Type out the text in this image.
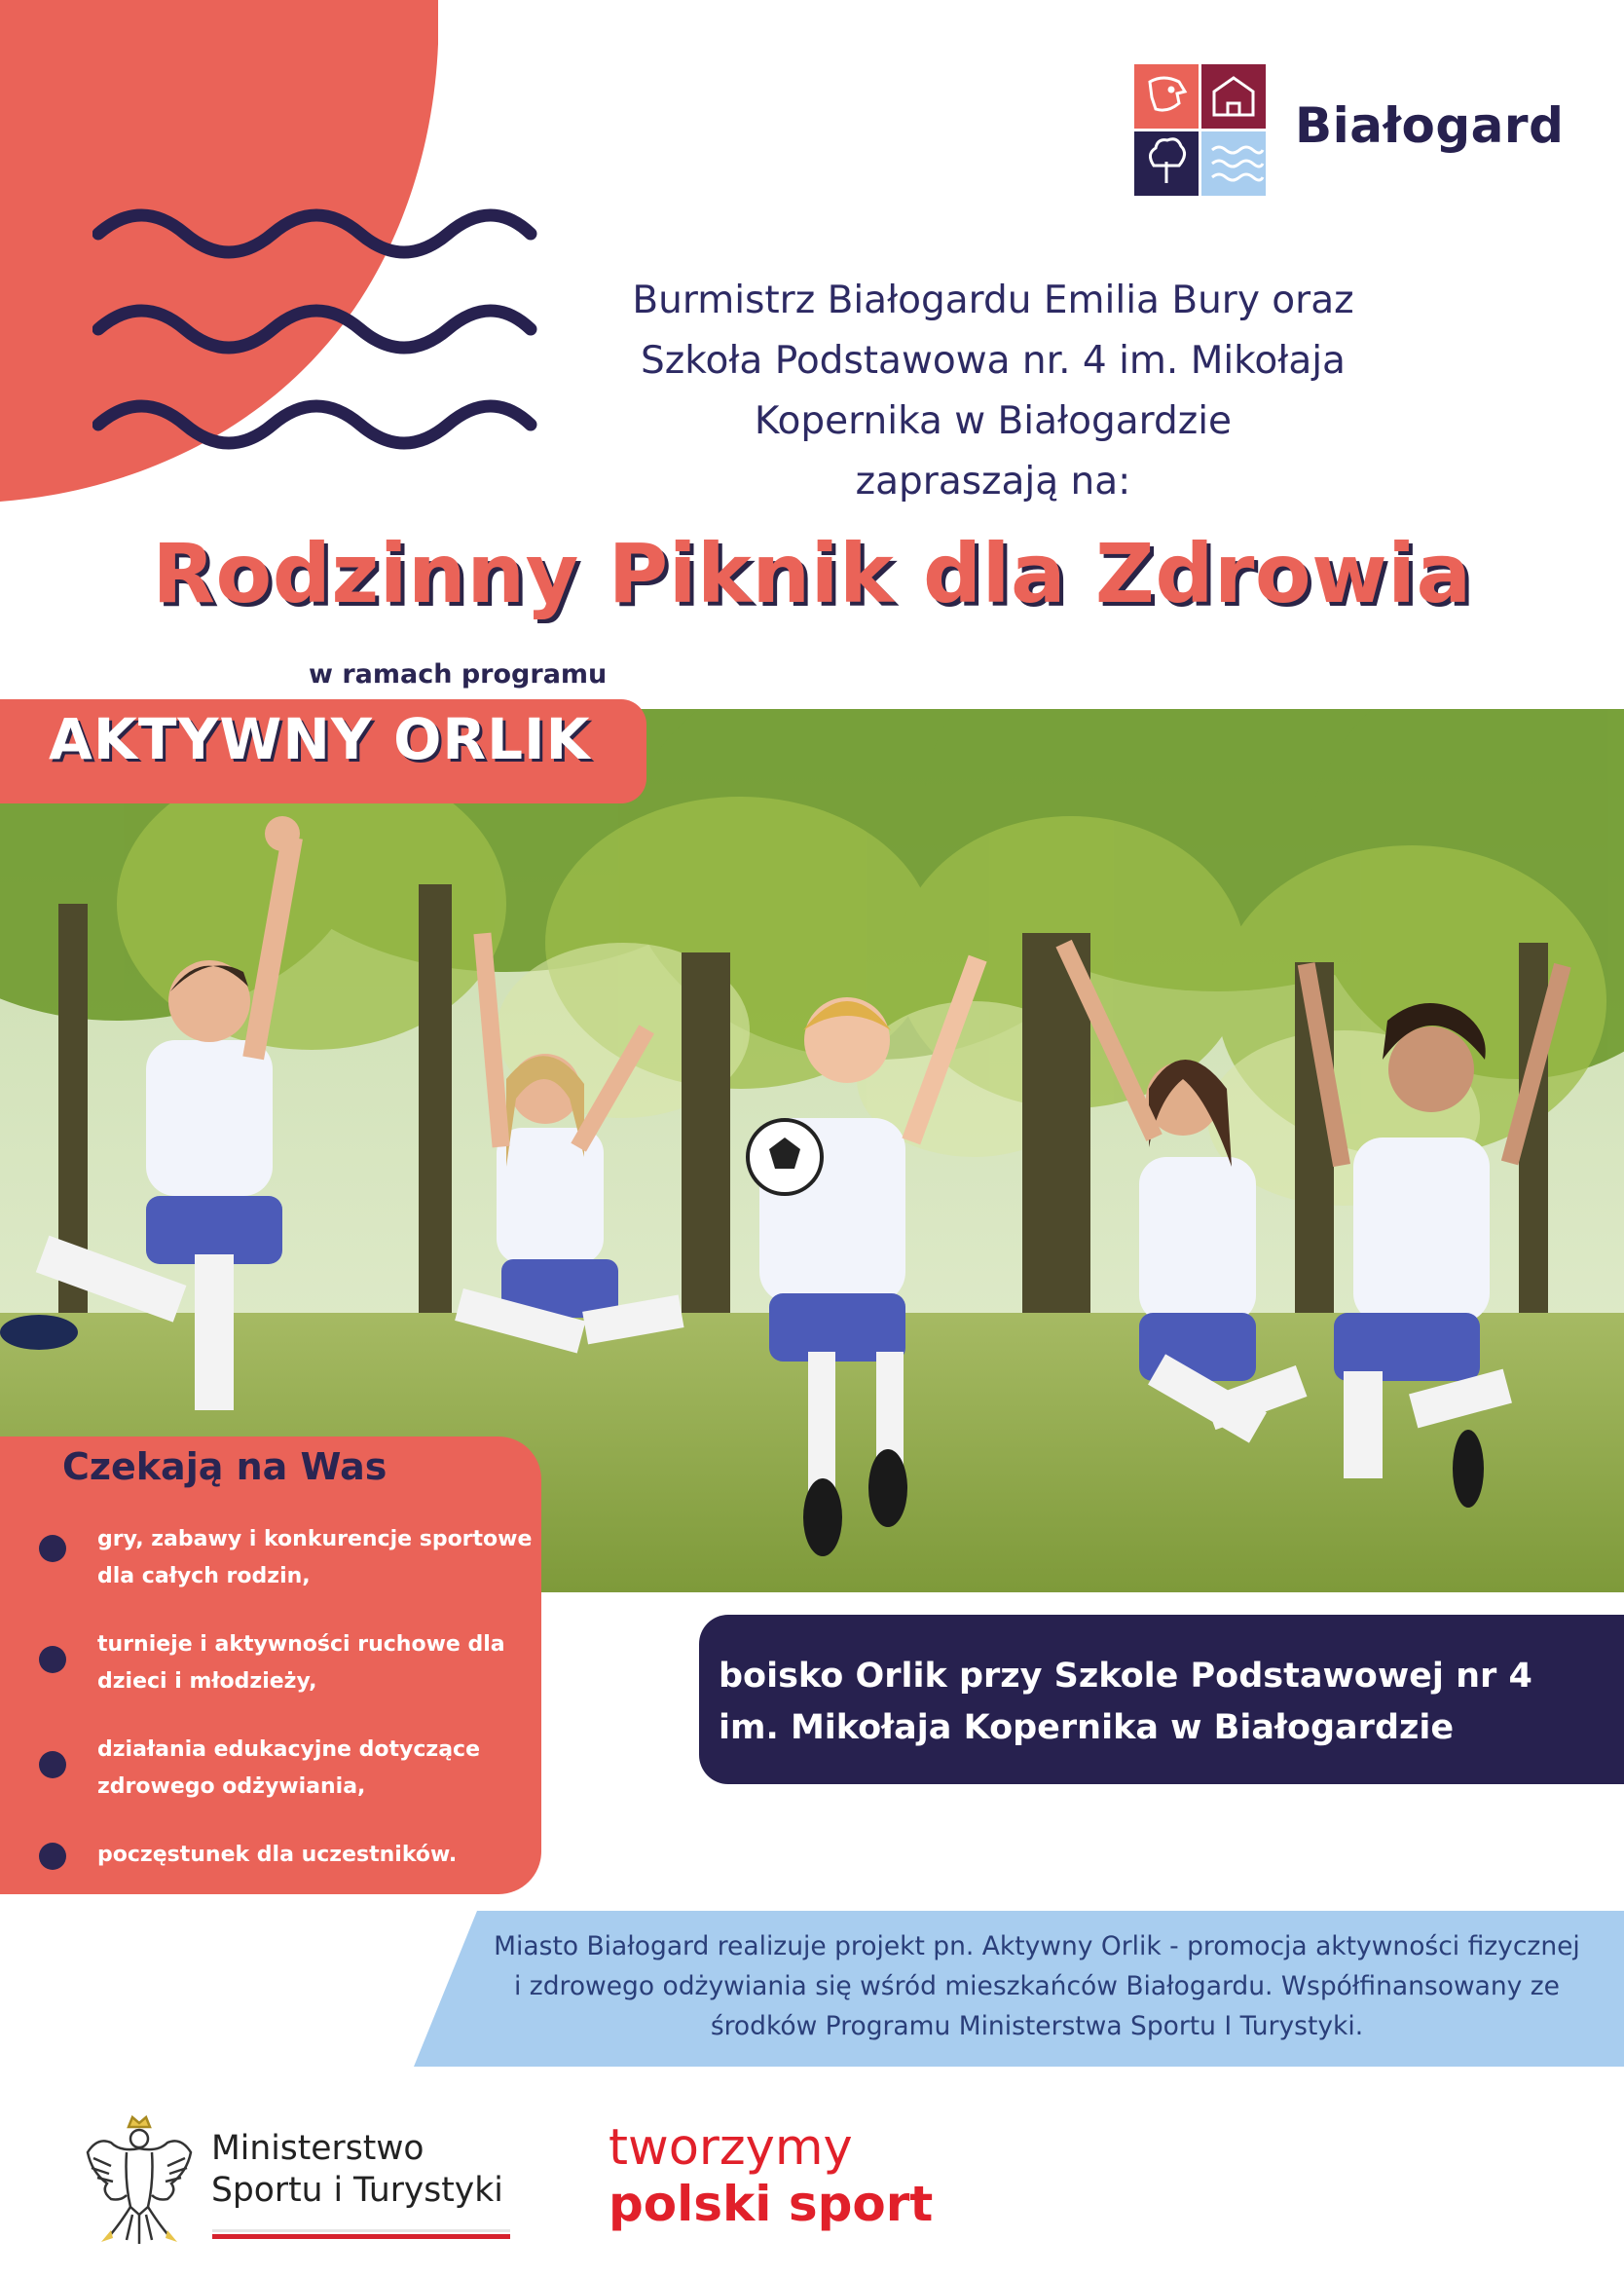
Białogard
Burmistrz Białogardu Emilia Bury oraz
Szkoła Podstawowa nr. 4 im. Mikołaja
Kopernika w Białogardzie
zapraszają na:
Rodzinny Piknik dla Zdrowia
w ramach programu
AKTYWNY ORLIK
Czekają na Was
gry, zabawy i konkurencje sportowe dla całych rodzin,
turnieje i aktywności ruchowe dla dzieci i młodzieży,
działania edukacyjne dotyczące zdrowego odżywiania,
poczęstunek dla uczestników.
boisko Orlik przy Szkole Podstawowej nr 4
im. Mikołaja Kopernika w Białogardzie
Miasto Białogard realizuje projekt pn. Aktywny Orlik - promocja aktywności fizycznej
i zdrowego odżywiania się wśród mieszkańców Białogardu. Współfinansowany ze
środków Programu Ministerstwa Sportu I Turystyki.
Ministerstwo
Sportu i Turystyki
tworzymy
polski sport
